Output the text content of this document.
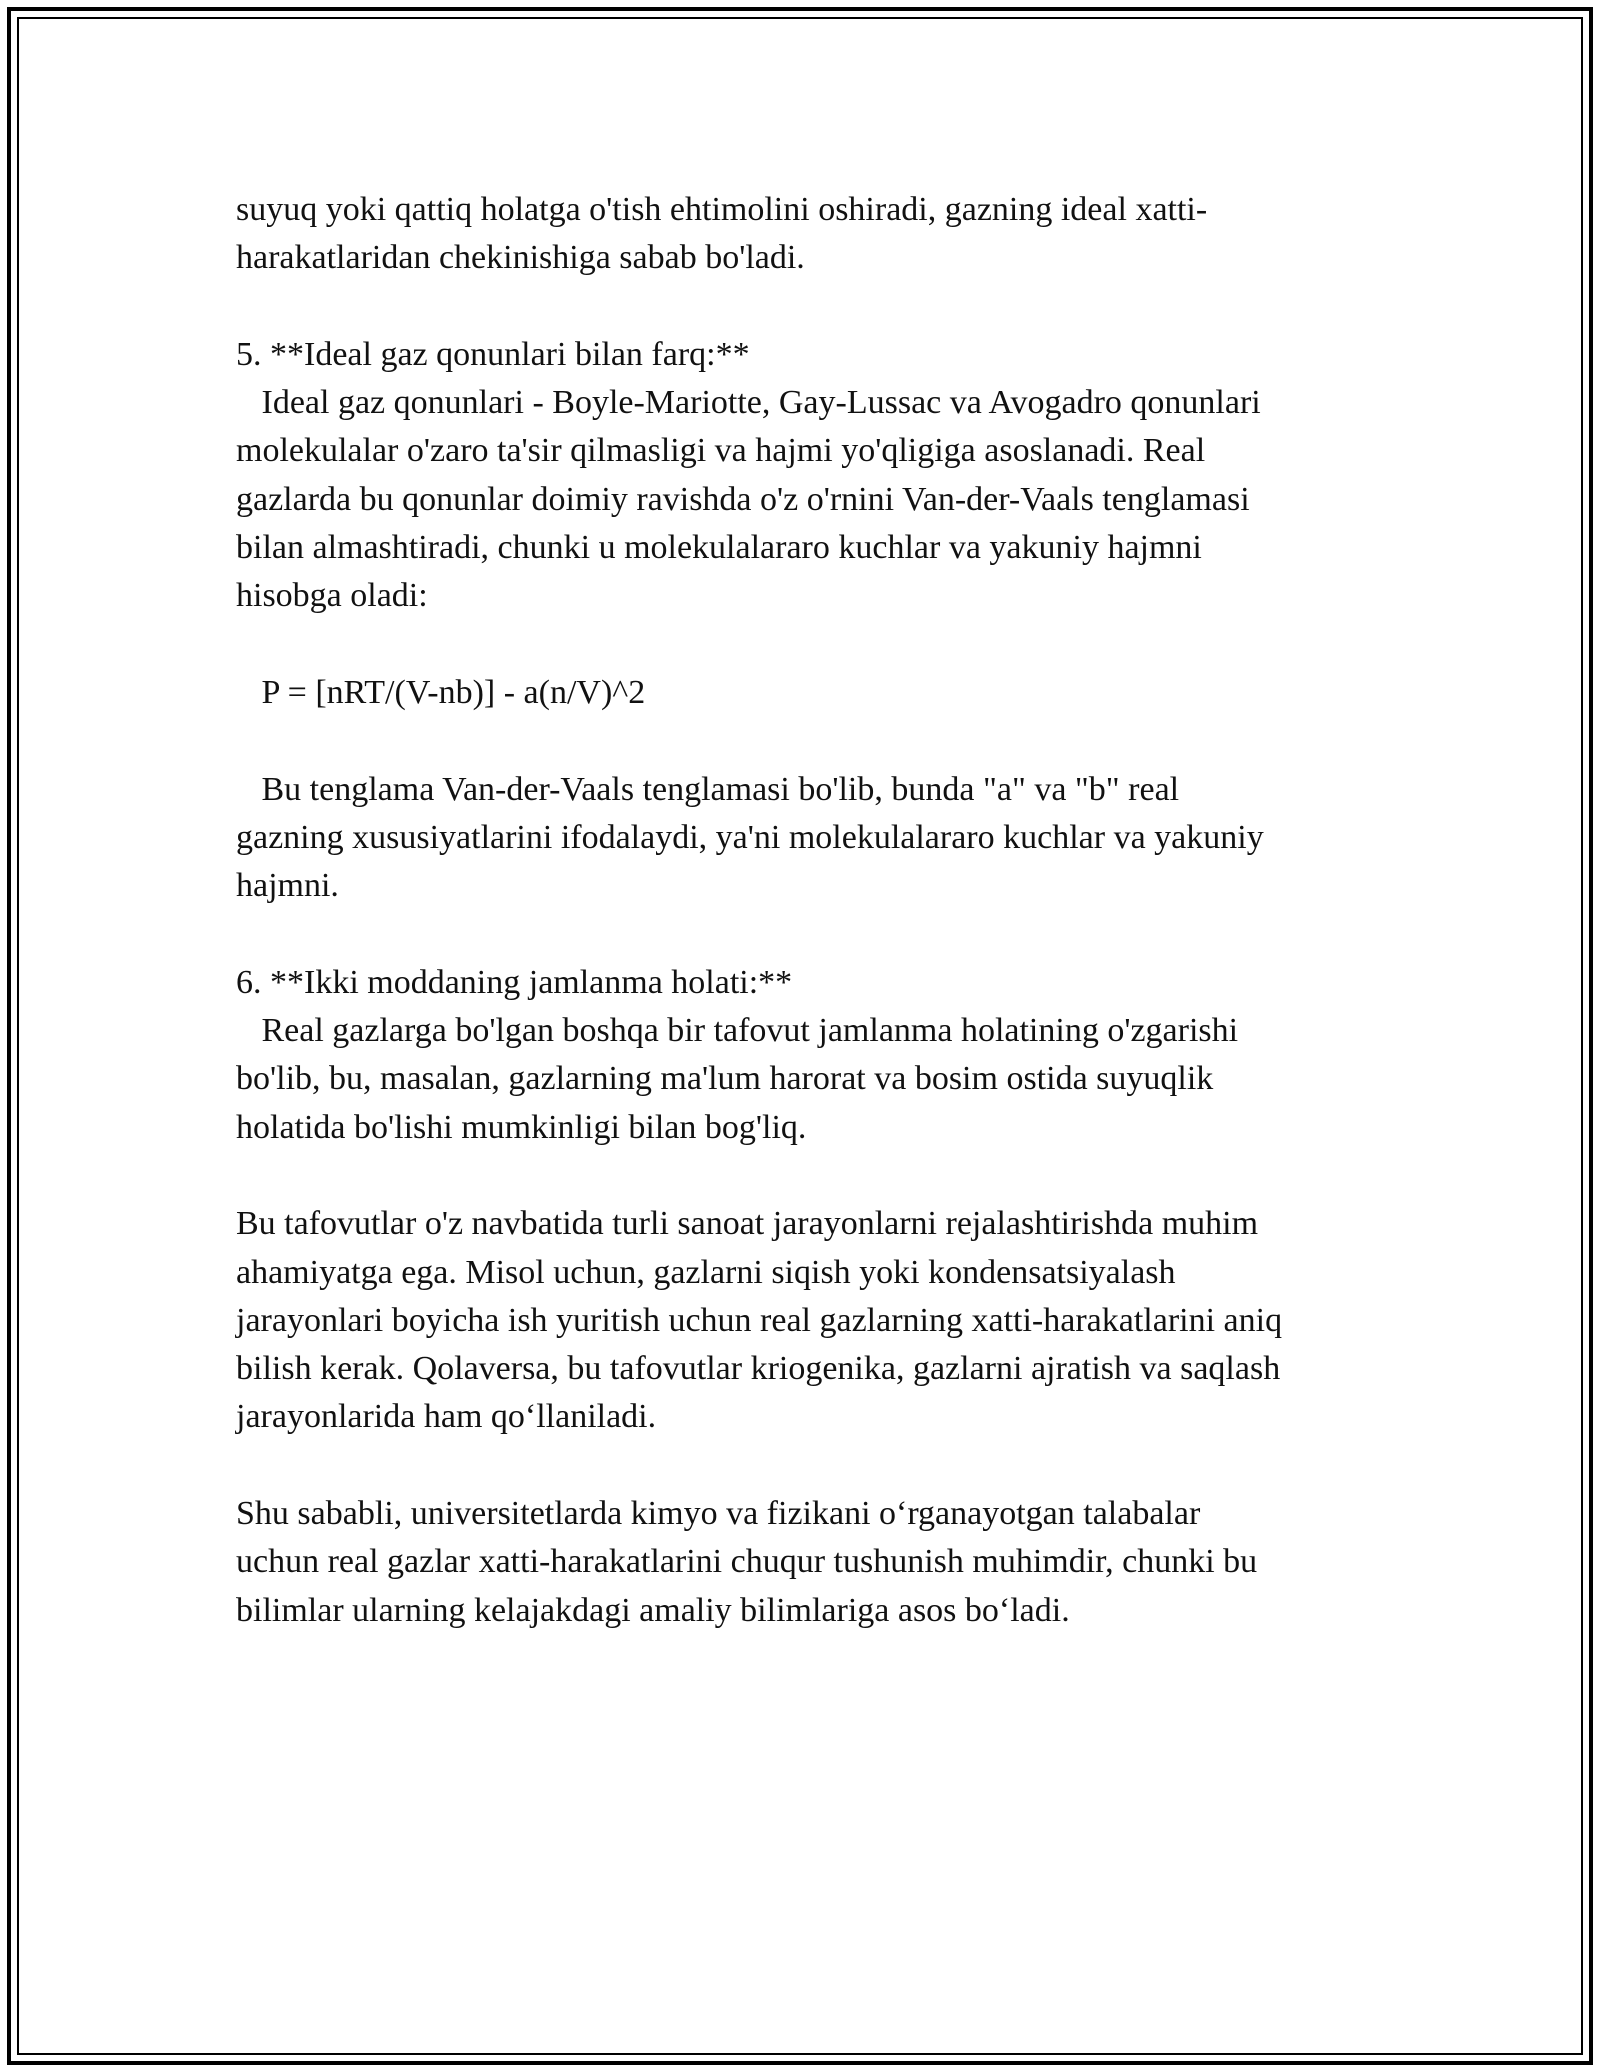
suyuq yoki qattiq holatga o'tish ehtimolini oshiradi, gazning ideal xatti-
harakatlaridan chekinishiga sabab bo'ladi.

5. **Ideal gaz qonunlari bilan farq:**
Ideal gaz qonunlari - Boyle-Mariotte, Gay-Lussac va Avogadro qonunlari
molekulalar o'zaro ta'sir qilmasligi va hajmi yo'qligiga asoslanadi. Real
gazlarda bu qonunlar doimiy ravishda o'z o'rnini Van-der-Vaals tenglamasi
bilan almashtiradi, chunki u molekulalararo kuchlar va yakuniy hajmni
hisobga oladi:

P = [nRT/(V-nb)] - a(n/V)^2

Bu tenglama Van-der-Vaals tenglamasi bo'lib, bunda "a" va "b" real
gazning xususiyatlarini ifodalaydi, ya'ni molekulalararo kuchlar va yakuniy
hajmni.

6. **Ikki moddaning jamlanma holati:**
Real gazlarga bo'lgan boshqa bir tafovut jamlanma holatining o'zgarishi
bo'lib, bu, masalan, gazlarning ma'lum harorat va bosim ostida suyuqlik
holatida bo'lishi mumkinligi bilan bog'liq.

Bu tafovutlar o'z navbatida turli sanoat jarayonlarni rejalashtirishda muhim
ahamiyatga ega. Misol uchun, gazlarni siqish yoki kondensatsiyalash
jarayonlari boyicha ish yuritish uchun real gazlarning xatti-harakatlarini aniq
bilish kerak. Qolaversa, bu tafovutlar kriogenika, gazlarni ajratish va saqlash
jarayonlarida ham qo‘llaniladi.

Shu sababli, universitetlarda kimyo va fizikani o‘rganayotgan talabalar
uchun real gazlar xatti-harakatlarini chuqur tushunish muhimdir, chunki bu
bilimlar ularning kelajakdagi amaliy bilimlariga asos bo‘ladi.
